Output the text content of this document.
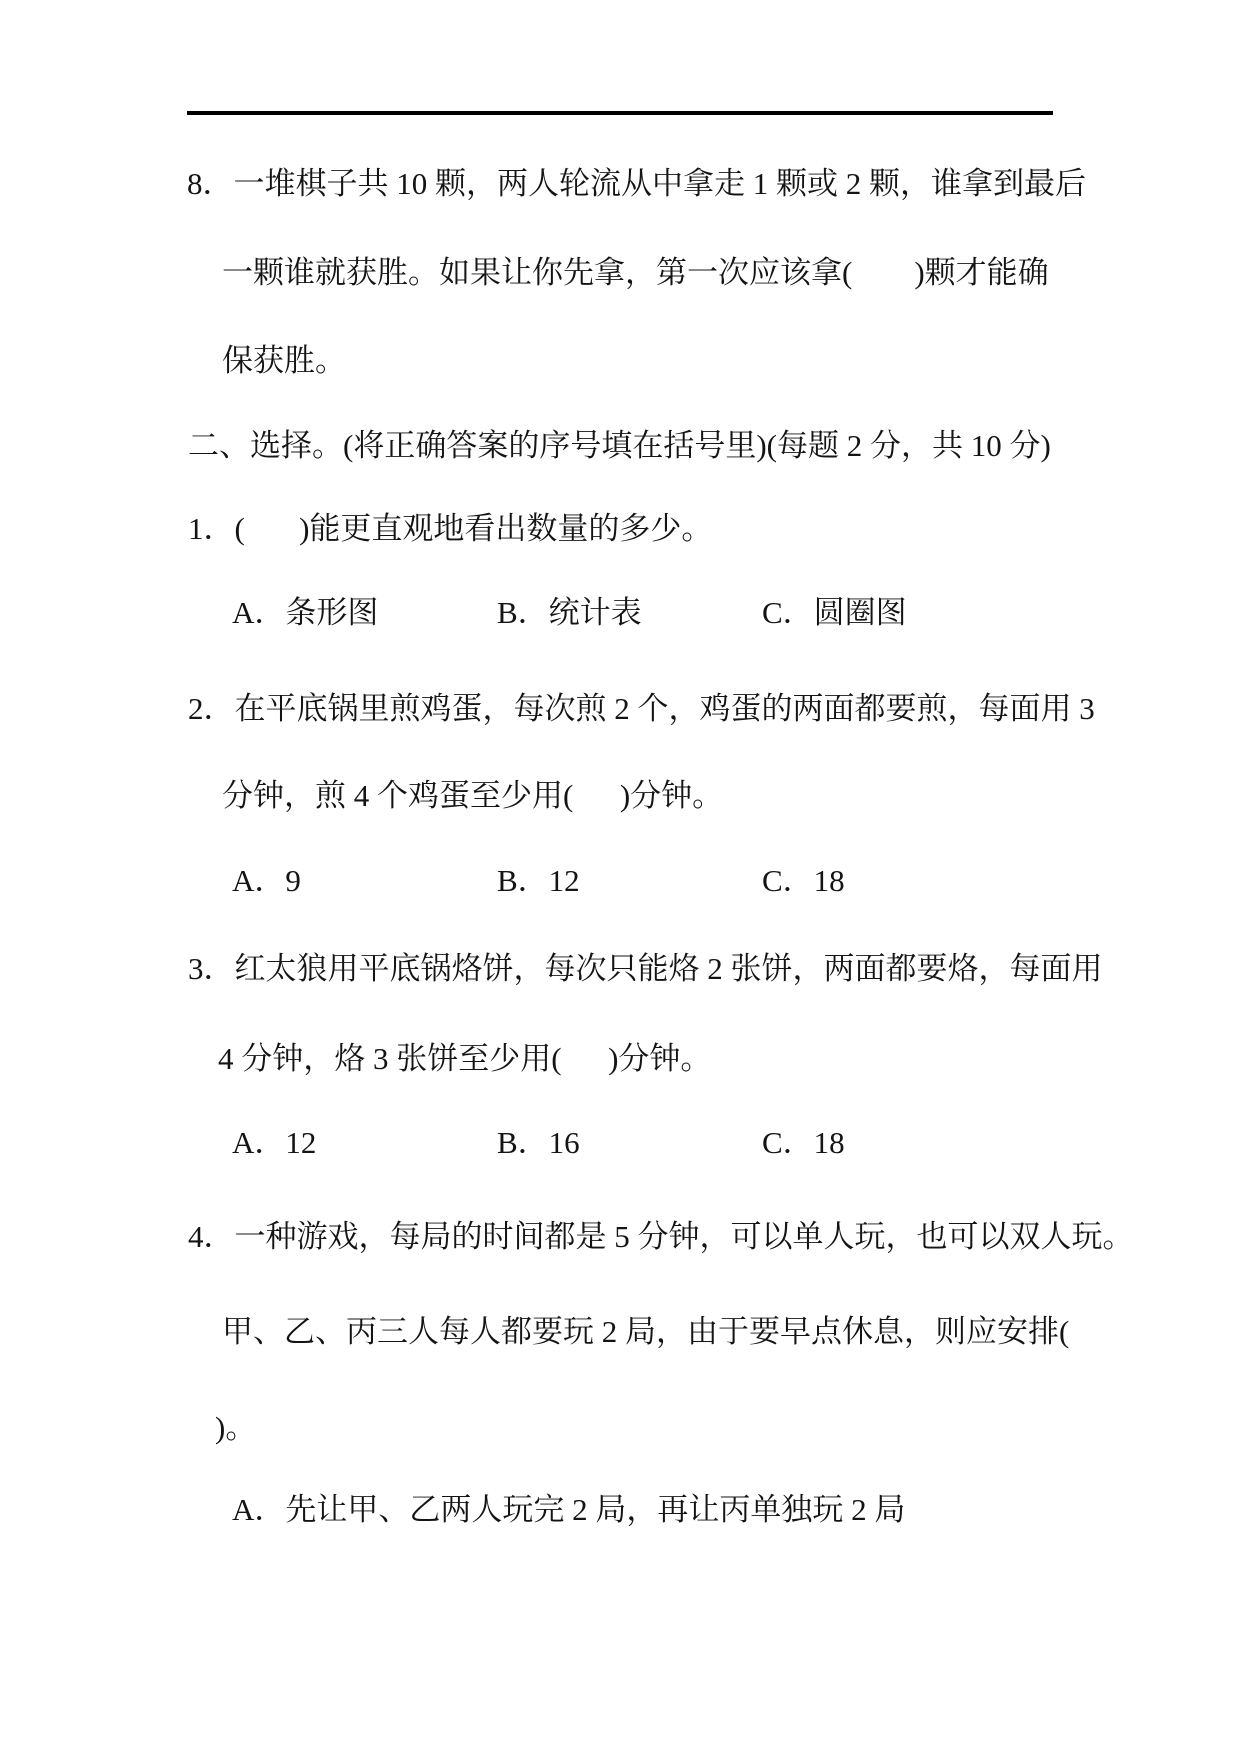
8．一堆棋子共 10 颗，两人轮流从中拿走 1 颗或 2 颗，谁拿到最后
一颗谁就获胜。如果让你先拿，第一次应该拿(        )颗才能确
保获胜。
二、选择。(将正确答案的序号填在括号里)(每题 2 分，共 10 分)
1．(       )能更直观地看出数量的多少。
A．条形图	B．统计表	C．圆圈图
2．在平底锅里煎鸡蛋，每次煎 2 个，鸡蛋的两面都要煎，每面用 3
分钟，煎 4 个鸡蛋至少用(      )分钟。
A．9	B．12	C．18
3．红太狼用平底锅烙饼，每次只能烙 2 张饼，两面都要烙，每面用
4 分钟，烙 3 张饼至少用(      )分钟。
A．12	B．16	C．18
4．一种游戏，每局的时间都是 5 分钟，可以单人玩，也可以双人玩。
甲、乙、丙三人每人都要玩 2 局，由于要早点休息，则应安排(
)。
A．先让甲、乙两人玩完 2 局，再让丙单独玩 2 局
